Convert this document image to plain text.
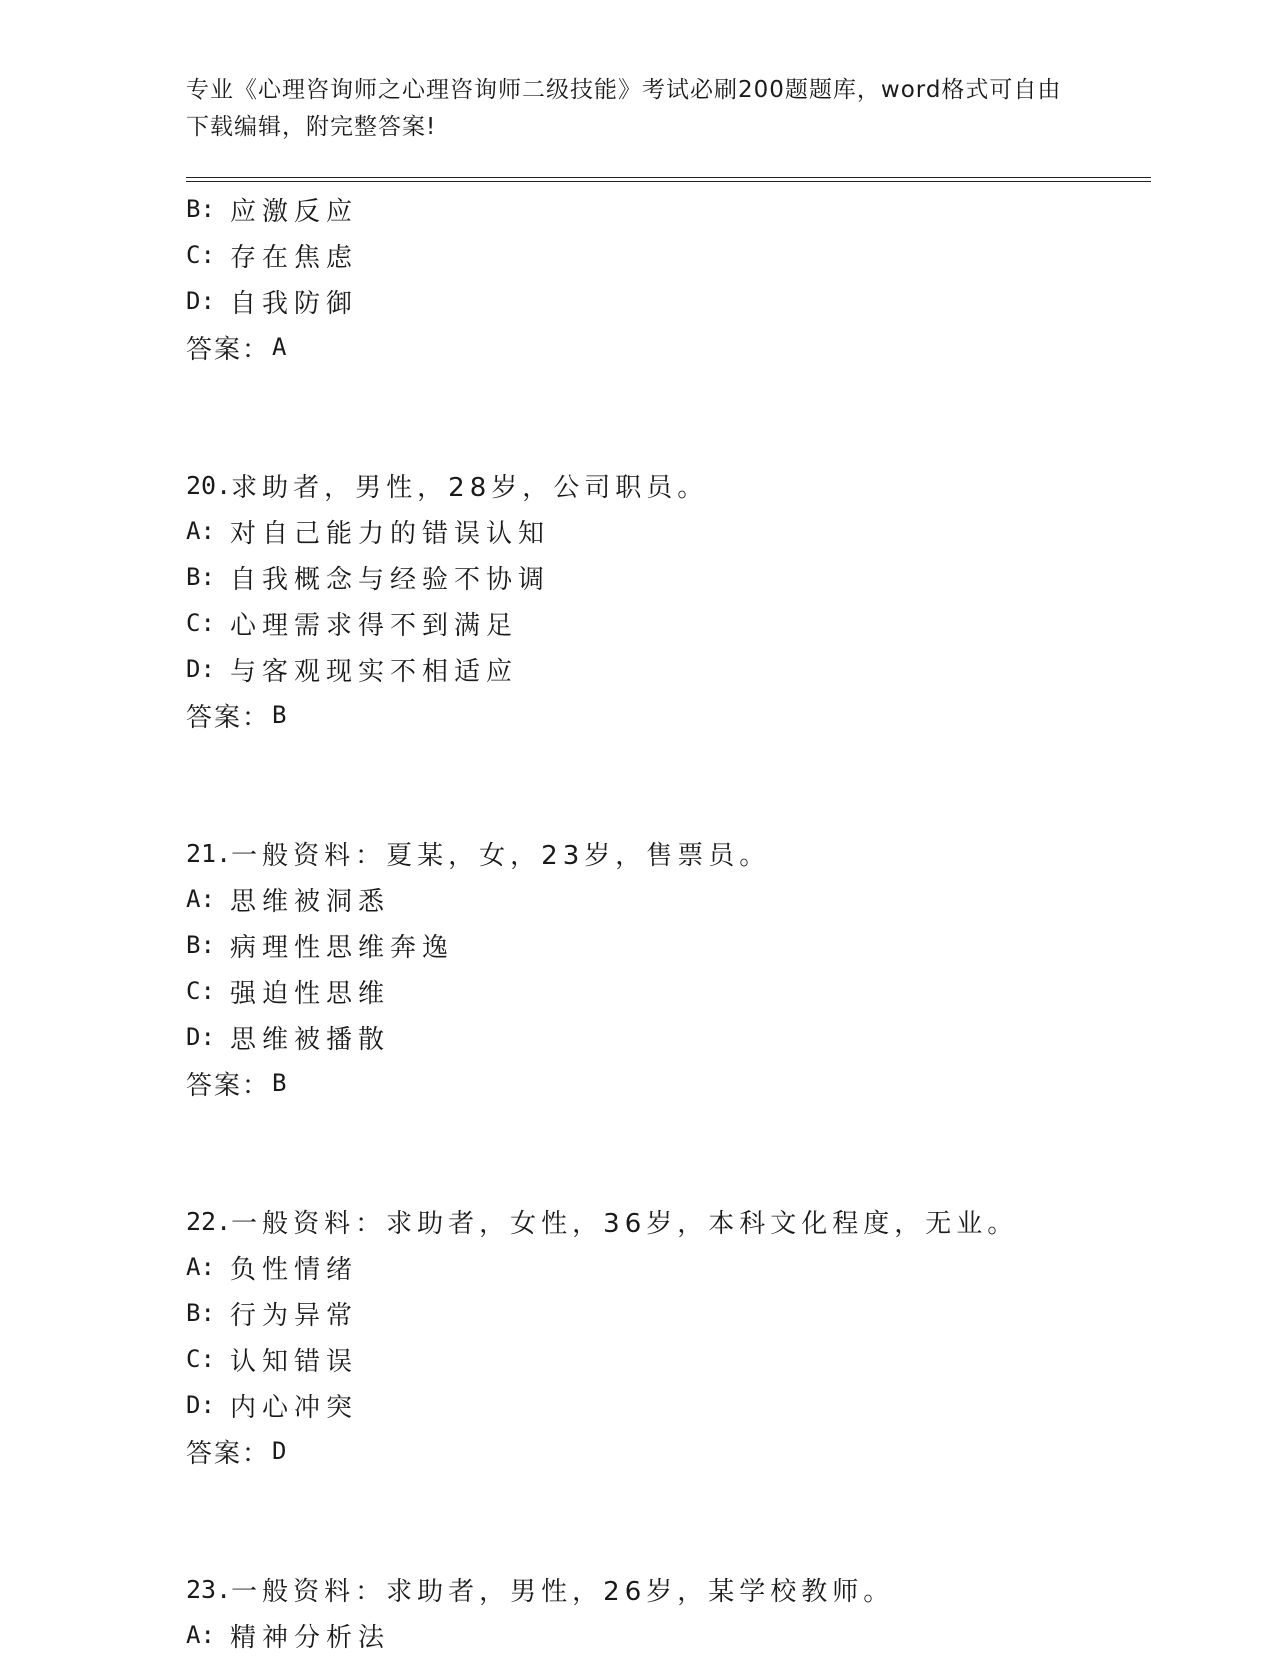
专业《心理咨询师之心理咨询师二级技能》考试必刷200题题库，word格式可自由下载编辑，附完整答案!
B: 应激反应
C: 存在焦虑
D: 自我防御
答案： A
20. 求助者，男性，28岁，公司职员。
A: 对自己能力的错误认知
B: 自我概念与经验不协调
C: 心理需求得不到满足
D: 与客观现实不相适应
答案： B
21. 一般资料：夏某，女，23岁，售票员。
A: 思维被洞悉
B: 病理性思维奔逸
C: 强迫性思维
D: 思维被播散
答案： B
22. 一般资料：求助者，女性，36岁，本科文化程度，无业。
A: 负性情绪
B: 行为异常
C: 认知错误
D: 内心冲突
答案： D
23. 一般资料：求助者，男性，26岁，某学校教师。
A: 精神分析法
